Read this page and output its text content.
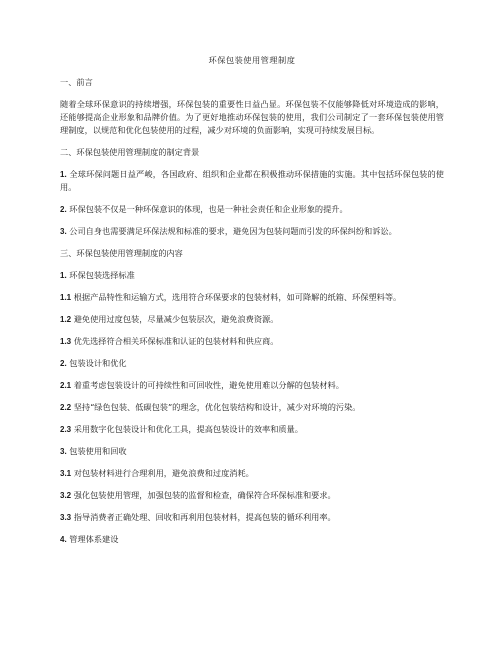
环保包装使用管理制度
一、前言
随着全球环保意识的持续增强，环保包装的重要性日益凸显。环保包装不仅能够降低对环境造成的影响，还能够提高企业形象和品牌价值。为了更好地推动环保包装的使用，我们公司制定了一套环保包装使用管理制度，以规范和优化包装使用的过程，减少对环境的负面影响，实现可持续发展目标。
二、环保包装使用管理制度的制定背景
1. 全球环保问题日益严峻，各国政府、组织和企业都在积极推动环保措施的实施。其中包括环保包装的使用。
2. 环保包装不仅是一种环保意识的体现，也是一种社会责任和企业形象的提升。
3. 公司自身也需要满足环保法规和标准的要求，避免因为包装问题而引发的环保纠纷和诉讼。
三、环保包装使用管理制度的内容
1. 环保包装选择标准
1.1 根据产品特性和运输方式，选用符合环保要求的包装材料，如可降解的纸箱、环保塑料等。
1.2 避免使用过度包装，尽量减少包装层次，避免浪费资源。
1.3 优先选择符合相关环保标准和认证的包装材料和供应商。
2. 包装设计和优化
2.1 着重考虑包装设计的可持续性和可回收性，避免使用难以分解的包装材料。
2.2 坚持“绿色包装、低碳包装”的理念，优化包装结构和设计，减少对环境的污染。
2.3 采用数字化包装设计和优化工具，提高包装设计的效率和质量。
3. 包装使用和回收
3.1 对包装材料进行合理利用，避免浪费和过度消耗。
3.2 强化包装使用管理，加强包装的监督和检查，确保符合环保标准和要求。
3.3 指导消费者正确处理、回收和再利用包装材料，提高包装的循环利用率。
4. 管理体系建设
